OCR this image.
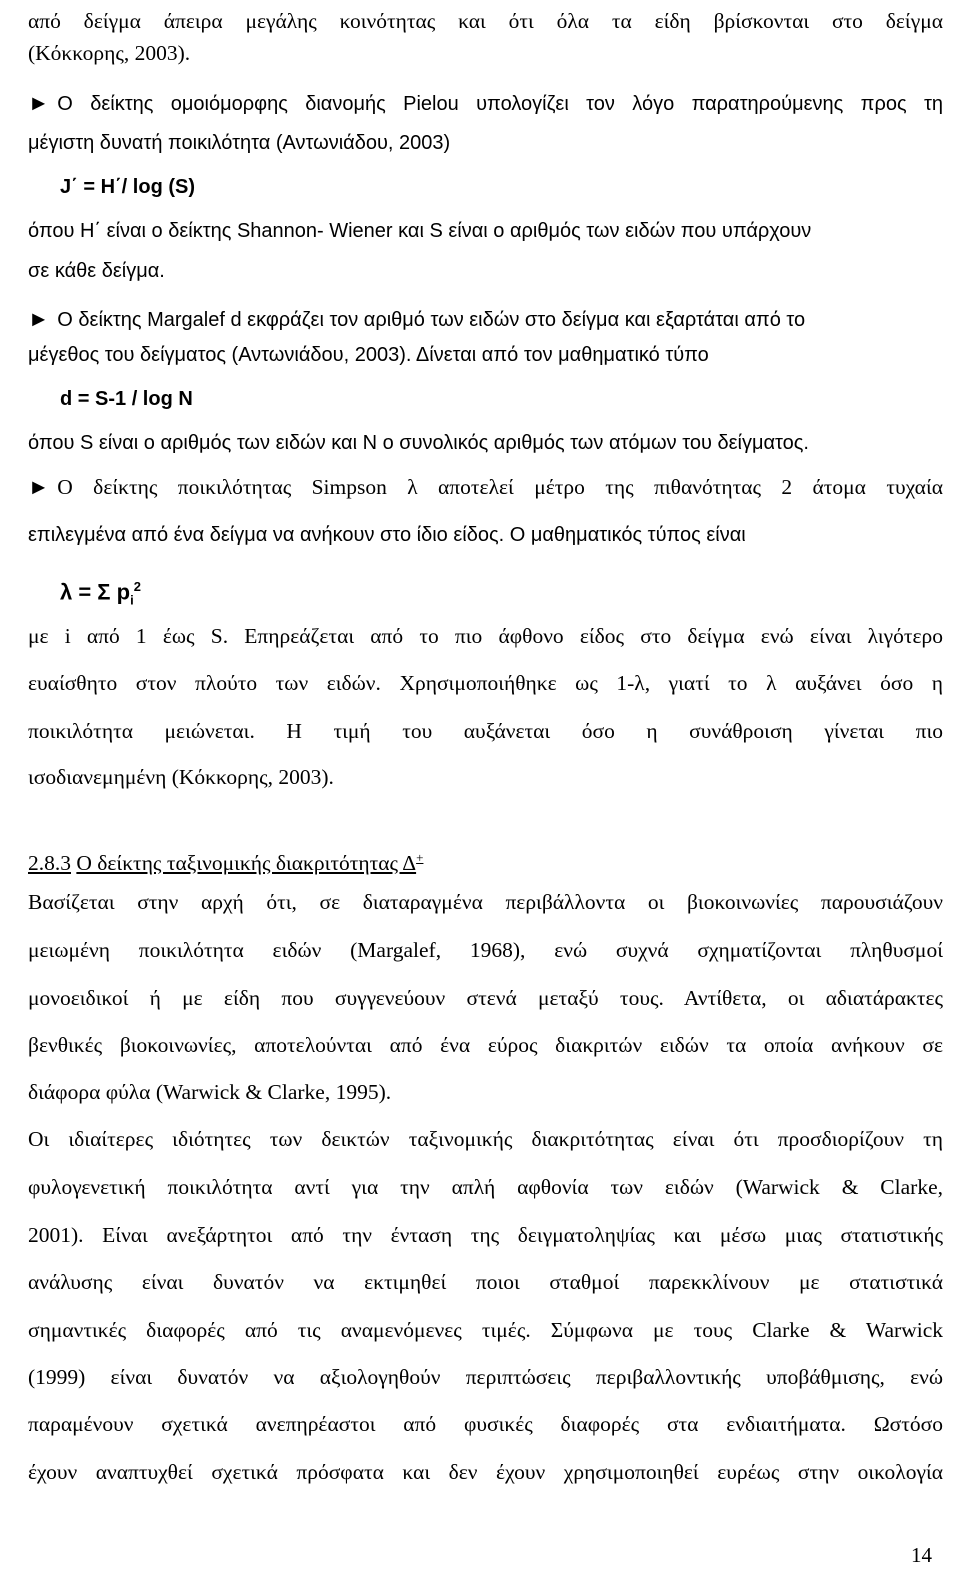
από δείγμα άπειρα μεγάλης κοινότητας και ότι όλα τα είδη βρίσκονται στο δείγμα
(Κόκκορης, 2003).
► Ο δείκτης ομοιόμορφης διανομής Pielou υπολογίζει τον λόγο παρατηρούμενης προς τη
μέγιστη δυνατή ποικιλότητα (Αντωνιάδου, 2003)
J΄ = H΄/ log (S)
όπου Η΄ είναι ο δείκτης Shannon- Wiener και S είναι ο αριθμός των ειδών που υπάρχουν
σε κάθε δείγμα.
► Ο δείκτης Margalef d εκφράζει τον αριθμό των ειδών στο δείγμα και εξαρτάται από το
μέγεθος του δείγματος (Αντωνιάδου, 2003). Δίνεται από τον μαθηματικό τύπο
d = S-1 / log N
όπου S είναι ο αριθμός των ειδών και N ο συνολικός αριθμός των ατόμων του δείγματος.
► Ο δείκτης ποικιλότητας Simpson λ αποτελεί μέτρο της πιθανότητας 2 άτομα τυχαία
επιλεγμένα από ένα δείγμα να ανήκουν στο ίδιο είδος. Ο μαθηματικός τύπος είναι
λ = Σ $p_i^2$
με i από 1 έως S. Επηρεάζεται από το πιο άφθονο είδος στο δείγμα ενώ είναι λιγότερο
ευαίσθητο στον πλούτο των ειδών. Χρησιμοποιήθηκε ως 1-λ, γιατί το λ αυξάνει όσο η
ποικιλότητα μειώνεται. Η τιμή του αυξάνεται όσο η συνάθροιση γίνεται πιο
ισοδιανεμημένη (Κόκκορης, 2003).
2.8.3 Ο δείκτης ταξινομικής διακριτότητας Δ+
Βασίζεται στην αρχή ότι, σε διαταραγμένα περιβάλλοντα οι βιοκοινωνίες παρουσιάζουν
μειωμένη ποικιλότητα ειδών (Margalef, 1968), ενώ συχνά σχηματίζονται πληθυσμοί
μονοειδικοί ή με είδη που συγγενεύουν στενά μεταξύ τους. Αντίθετα, οι αδιατάρακτες
βενθικές βιοκοινωνίες, αποτελούνται από ένα εύρος διακριτών ειδών τα οποία ανήκουν σε
διάφορα φύλα (Warwick & Clarke, 1995).
Οι ιδιαίτερες ιδιότητες των δεικτών ταξινομικής διακριτότητας είναι ότι προσδιορίζουν τη
φυλογενετική ποικιλότητα αντί για την απλή αφθονία των ειδών (Warwick & Clarke,
2001). Είναι ανεξάρτητοι από την ένταση της δειγματοληψίας και μέσω μιας στατιστικής
ανάλυσης είναι δυνατόν να εκτιμηθεί ποιοι σταθμοί παρεκκλίνουν με στατιστικά
σημαντικές διαφορές από τις αναμενόμενες τιμές. Σύμφωνα με τους Clarke & Warwick
(1999) είναι δυνατόν να αξιολογηθούν περιπτώσεις περιβαλλοντικής υποβάθμισης, ενώ
παραμένουν σχετικά ανεπηρέαστοι από φυσικές διαφορές στα ενδιαιτήματα. Ωστόσο
έχουν αναπτυχθεί σχετικά πρόσφατα και δεν έχουν χρησιμοποιηθεί ευρέως στην οικολογία
14
